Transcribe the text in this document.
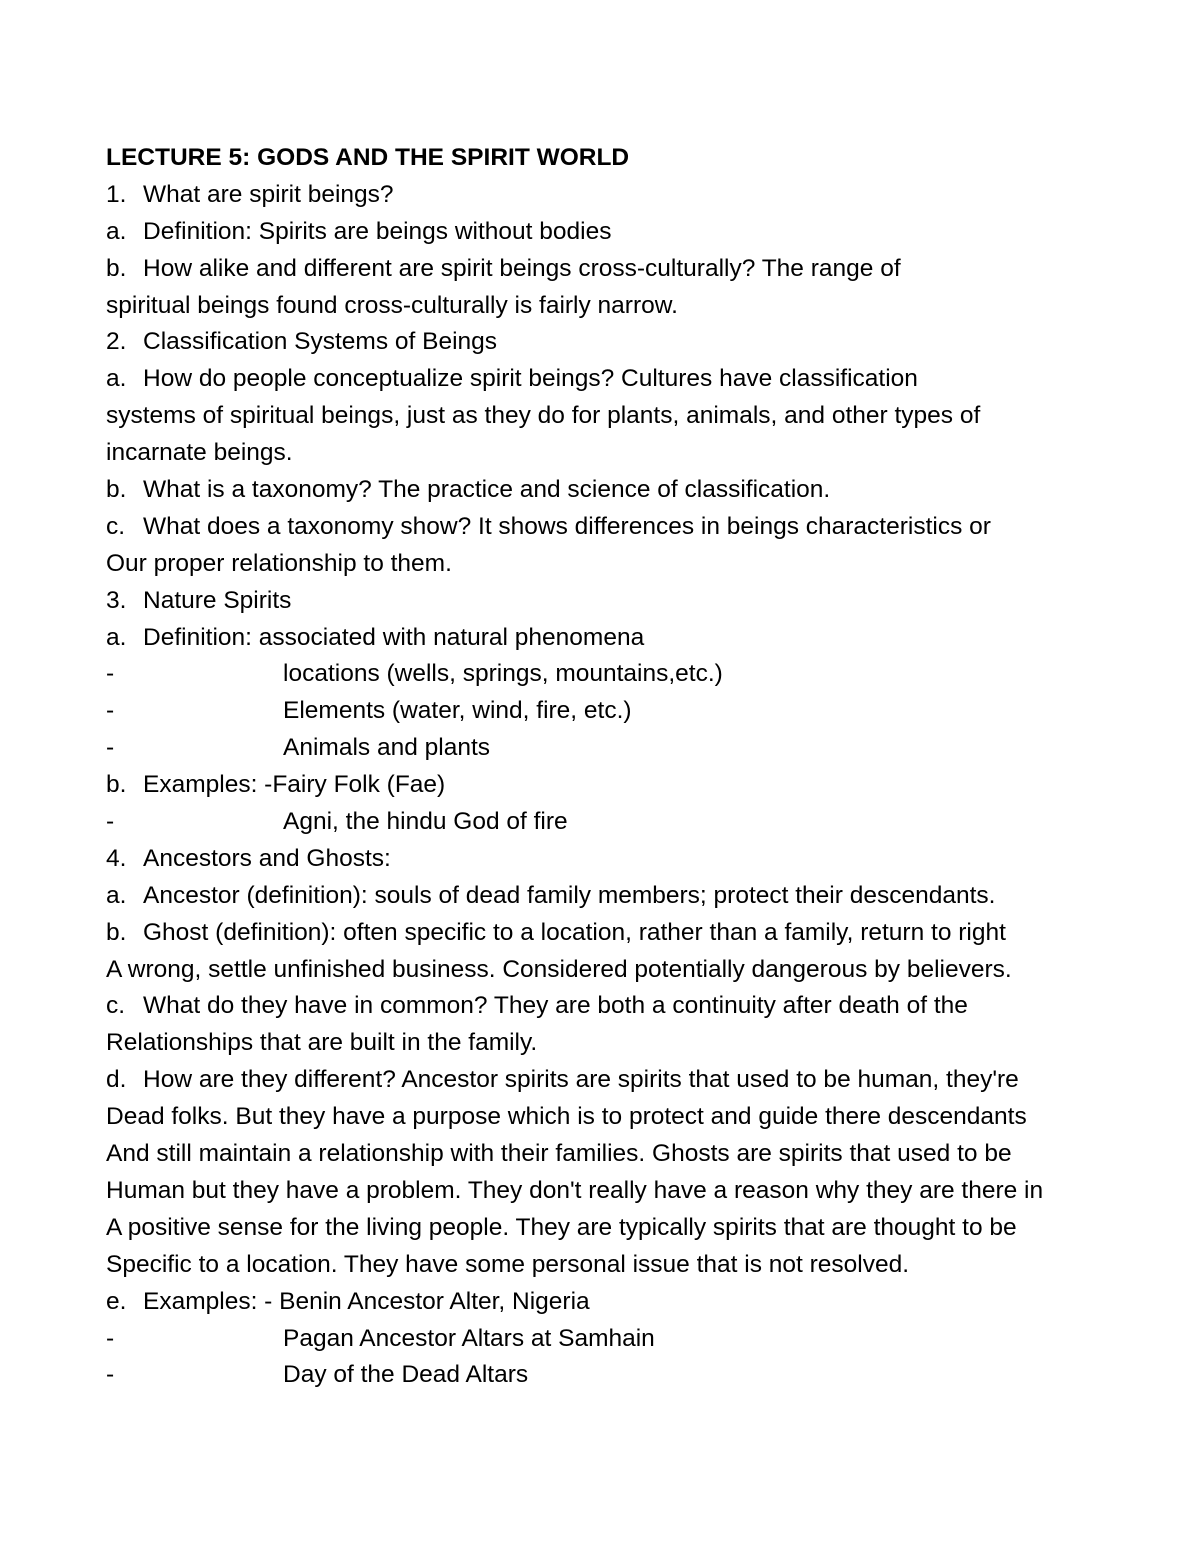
LECTURE 5: GODS AND THE SPIRIT WORLD
1. What are spirit beings?
a. Definition: Spirits are beings without bodies
b. How alike and different are spirit beings cross-culturally? The range of
spiritual beings found cross-culturally is fairly narrow.
2. Classification Systems of Beings
a. How do people conceptualize spirit beings? Cultures have classification
systems of spiritual beings, just as they do for plants, animals, and other types of
incarnate beings.
b. What is a taxonomy? The practice and science of classification.
c. What does a taxonomy show? It shows differences in beings characteristics or
Our proper relationship to them.
3. Nature Spirits
a. Definition: associated with natural phenomena
-	locations (wells, springs, mountains,etc.)
-	Elements (water, wind, fire, etc.)
-	Animals and plants
b. Examples: -Fairy Folk (Fae)
-	Agni, the hindu God of fire
4. Ancestors and Ghosts:
a. Ancestor (definition): souls of dead family members; protect their descendants.
b. Ghost (definition): often specific to a location, rather than a family, return to right
A wrong, settle unfinished business. Considered potentially dangerous by believers.
c. What do they have in common? They are both a continuity after death of the
Relationships that are built in the family.
d. How are they different? Ancestor spirits are spirits that used to be human, they're
Dead folks. But they have a purpose which is to protect and guide there descendants
And still maintain a relationship with their families. Ghosts are spirits that used to be
Human but they have a problem. They don't really have a reason why they are there in
A positive sense for the living people. They are typically spirits that are thought to be
Specific to a location. They have some personal issue that is not resolved.
e. Examples: - Benin Ancestor Alter, Nigeria
-	Pagan Ancestor Altars at Samhain
-	Day of the Dead Altars
